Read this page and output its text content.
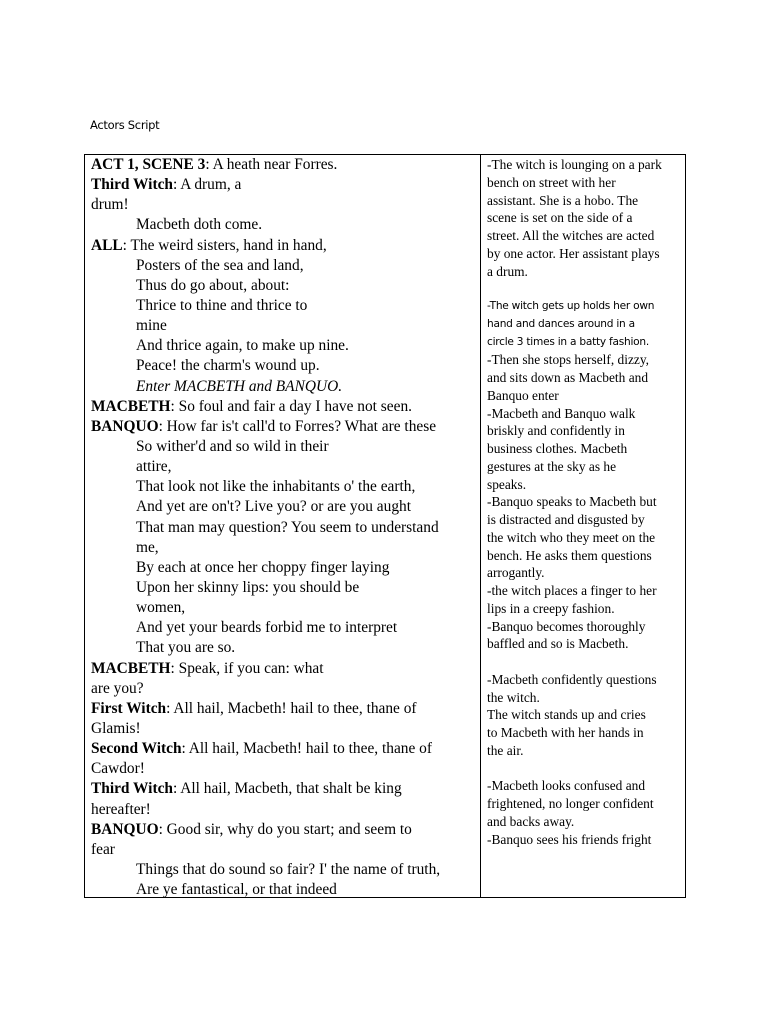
Actors Script
ACT 1, SCENE 3: A heath near Forres.
Third Witch: A drum, a
drum!
Macbeth doth come.
ALL: The weird sisters, hand in hand,
Posters of the sea and land,
Thus do go about, about:
Thrice to thine and thrice to
mine
And thrice again, to make up nine.
Peace! the charm's wound up.
Enter MACBETH and BANQUO.
MACBETH: So foul and fair a day I have not seen.
BANQUO: How far is't call'd to Forres? What are these
So wither'd and so wild in their
attire,
That look not like the inhabitants o' the earth,
And yet are on't? Live you? or are you aught
That man may question? You seem to understand
me,
By each at once her choppy finger laying
Upon her skinny lips: you should be
women,
And yet your beards forbid me to interpret
That you are so.
MACBETH: Speak, if you can: what
are you?
First Witch: All hail, Macbeth! hail to thee, thane of
Glamis!
Second Witch: All hail, Macbeth! hail to thee, thane of
Cawdor!
Third Witch: All hail, Macbeth, that shalt be king
hereafter!
BANQUO: Good sir, why do you start; and seem to
fear
Things that do sound so fair? I' the name of truth,
Are ye fantastical, or that indeed
-The witch is lounging on a park
bench on street with her
assistant. She is a hobo. The
scene is set on the side of a
street. All the witches are acted
by one actor. Her assistant plays
a drum.
-The witch gets up holds her own
hand and dances around in a
circle 3 times in a batty fashion.
-Then she stops herself, dizzy,
and sits down as Macbeth and
Banquo enter
-Macbeth and Banquo walk
briskly and confidently in
business clothes. Macbeth
gestures at the sky as he
speaks.
-Banquo speaks to Macbeth but
is distracted and disgusted by
the witch who they meet on the
bench. He asks them questions
arrogantly.
-the witch places a finger to her
lips in a creepy fashion.
-Banquo becomes thoroughly
baffled and so is Macbeth.
-Macbeth confidently questions
the witch.
The witch stands up and cries
to Macbeth with her hands in
the air.
-Macbeth looks confused and
frightened, no longer confident
and backs away.
-Banquo sees his friends fright
